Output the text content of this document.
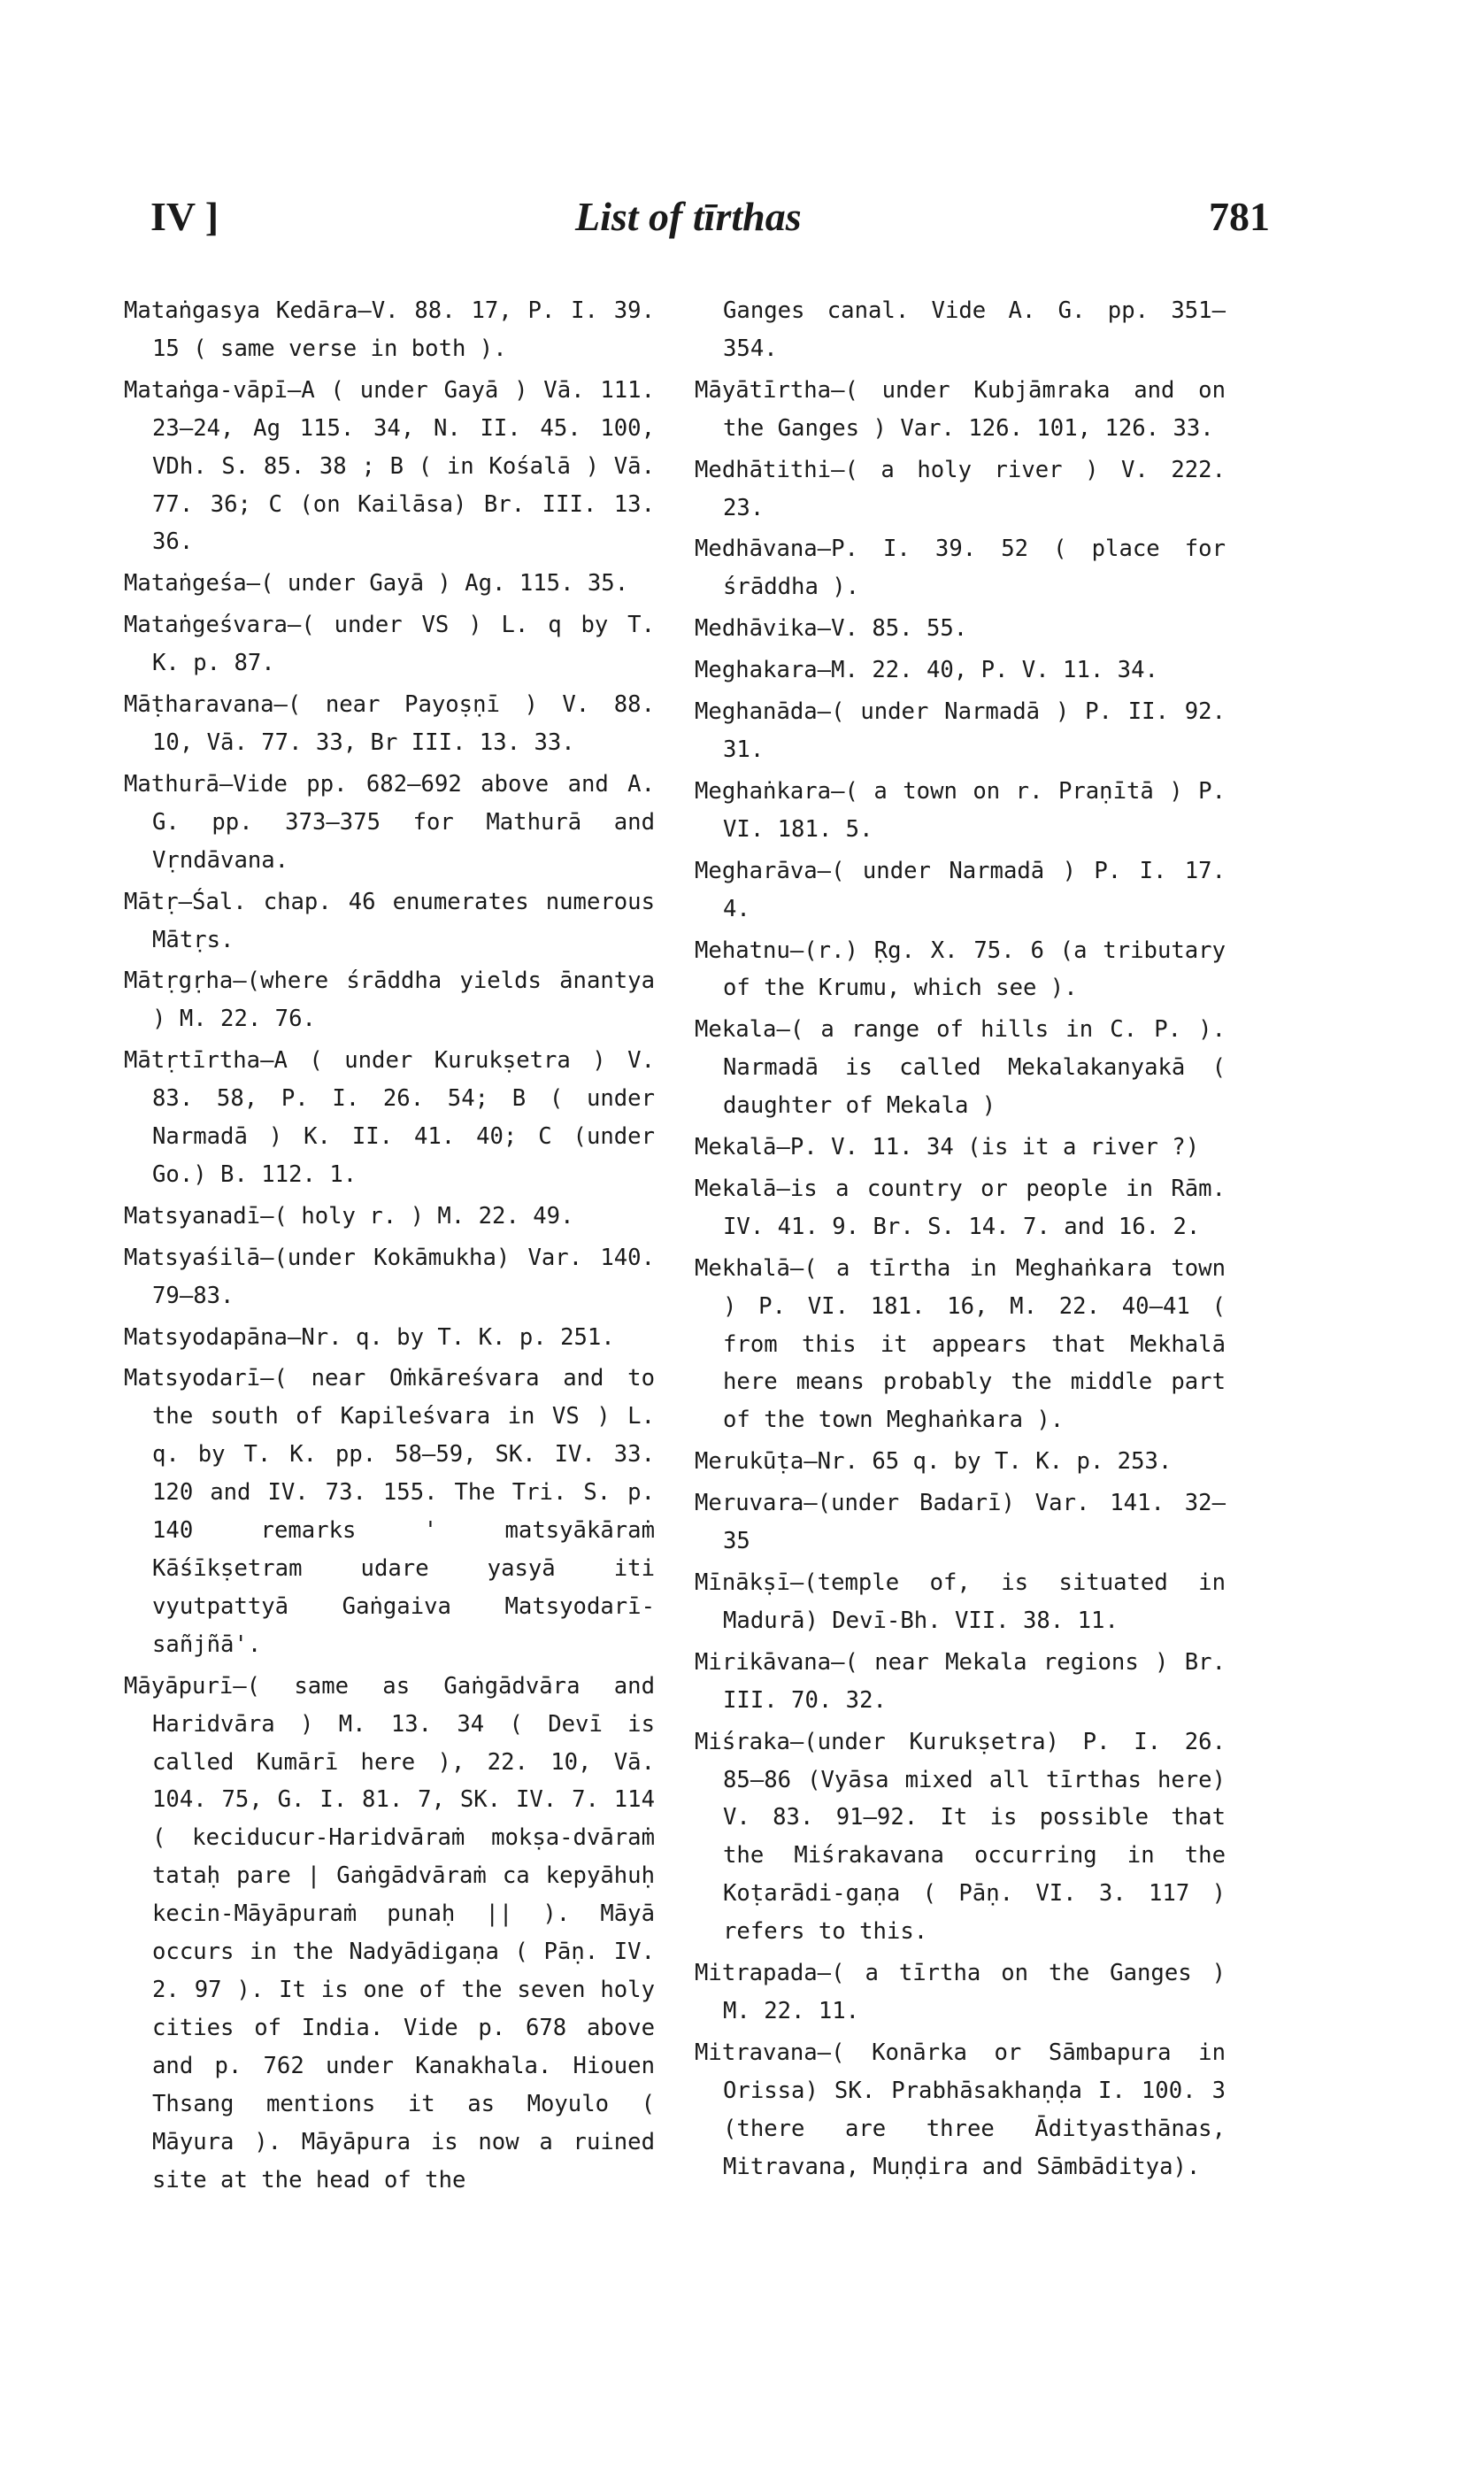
IV ]	List of tīrthas	781

Mataṅgasya Kedāra—V. 88. 17, P. I. 39. 15 ( same verse in both ).

Mataṅga-vāpī—A ( under Gayā ) Vā. 111. 23–24, Ag 115. 34, N. II. 45. 100, VDh. S. 85. 38 ; B ( in Kośalā ) Vā. 77. 36; C (on Kailāsa) Br. III. 13. 36.

Mataṅgeśa—( under Gayā ) Ag. 115. 35.

Mataṅgeśvara—( under VS ) L. q by T. K. p. 87.

Māṭharavana—( near Payoṣṇī ) V. 88. 10, Vā. 77. 33, Br III. 13. 33.

Mathurā—Vide pp. 682–692 above and A. G. pp. 373–375 for Mathurā and Vṛndāvana.

Mātṛ—Śal. chap. 46 enumerates numerous Mātṛs.

Mātṛgṛha—(where śrāddha yields ānantya ) M. 22. 76.

Mātṛtīrtha—A ( under Kurukṣetra ) V. 83. 58, P. I. 26. 54; B ( under Narmadā ) K. II. 41. 40; C (under Go.) B. 112. 1.

Matsyanadī—( holy r. ) M. 22. 49.

Matsyaśilā—(under Kokāmukha) Var. 140. 79–83.

Matsyodapāna—Nr. q. by T. K. p. 251.

Matsyodarī—( near Oṁkāreśvara and to the south of Kapileśvara in VS ) L. q. by T. K. pp. 58–59, SK. IV. 33. 120 and IV. 73. 155. The Tri. S. p. 140 remarks ' matsyākāraṁ Kāśīkṣetram udare yasyā iti vyutpattyā Gaṅgaiva Matsyodarī-sañjñā'.

Māyāpurī—( same as Gaṅgādvāra and Haridvāra ) M. 13. 34 ( Devī is called Kumārī here ), 22. 10, Vā. 104. 75, G. I. 81. 7, SK. IV. 7. 114 ( keciducur-Haridvāraṁ mokṣa-dvāraṁ tataḥ pare | Gaṅgādvāraṁ ca kepyāhuḥ kecin-Māyāpuraṁ punaḥ || ). Māyā occurs in the Nadyādigaṇa ( Pāṇ. IV. 2. 97 ). It is one of the seven holy cities of India. Vide p. 678 above and p. 762 under Kanakhala. Hiouen Thsang mentions it as Moyulo ( Māyura ). Māyāpura is now a ruined site at the head of the

Ganges canal. Vide A. G. pp. 351–354.

Māyātīrtha—( under Kubjāmraka and on the Ganges ) Var. 126. 101, 126. 33.

Medhātithi—( a holy river ) V. 222. 23.

Medhāvana—P. I. 39. 52 ( place for śrāddha ).

Medhāvika—V. 85. 55.

Meghakara—M. 22. 40, P. V. 11. 34.

Meghanāda—( under Narmadā ) P. II. 92. 31.

Meghaṅkara—( a town on r. Praṇītā ) P. VI. 181. 5.

Megharāva—( under Narmadā ) P. I. 17. 4.

Mehatnu—(r.) Ṛg. X. 75. 6 (a tributary of the Krumu, which see ).

Mekala—( a range of hills in C. P. ). Narmadā is called Mekalakanyakā ( daughter of Mekala )

Mekalā—P. V. 11. 34 (is it a river ?)

Mekalā—is a country or people in Rām. IV. 41. 9. Br. S. 14. 7. and 16. 2.

Mekhalā—( a tīrtha in Meghaṅkara town ) P. VI. 181. 16, M. 22. 40–41 ( from this it appears that Mekhalā here means probably the middle part of the town Meghaṅkara ).

Merukūṭa—Nr. 65 q. by T. K. p. 253.

Meruvara—(under Badarī) Var. 141. 32–35

Mīnākṣī—(temple of, is situated in Madurā) Devī-Bh. VII. 38. 11.

Mirikāvana—( near Mekala regions ) Br. III. 70. 32.

Miśraka—(under Kurukṣetra) P. I. 26. 85–86 (Vyāsa mixed all tīrthas here) V. 83. 91–92. It is possible that the Miśrakavana occurring in the Koṭarādi-gaṇa ( Pāṇ. VI. 3. 117 ) refers to this.

Mitrapada—( a tīrtha on the Ganges ) M. 22. 11.

Mitravana—( Konārka or Sāmbapura in Orissa) SK. Prabhāsakhaṇḍa I. 100. 3 (there are three Ādityasthānas, Mitravana, Muṇḍira and Sāmbāditya).
